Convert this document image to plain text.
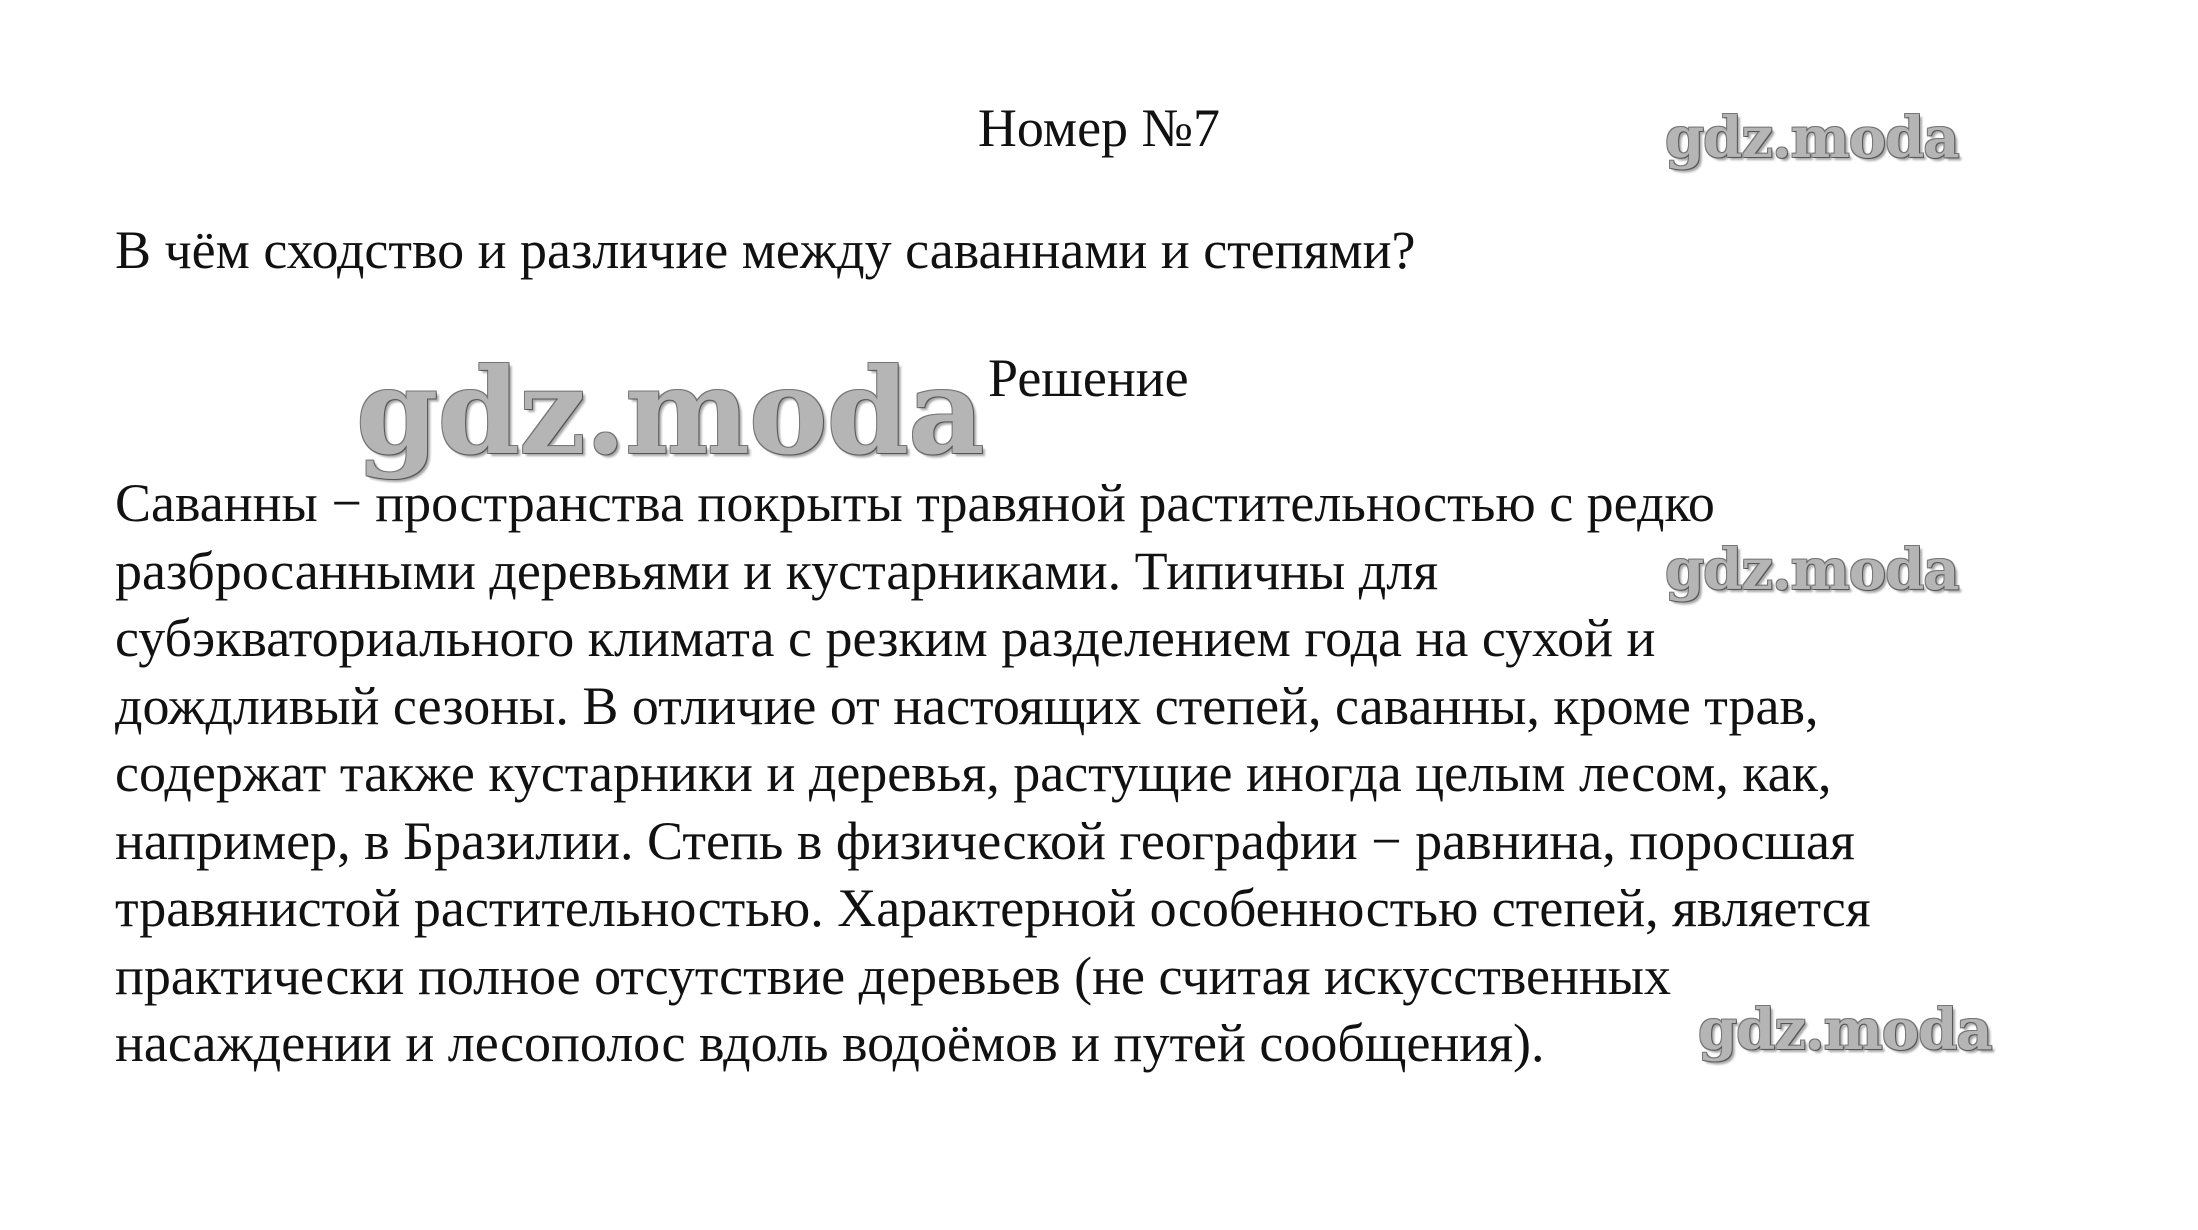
Номер №7	gdz.moda
В чём сходство и различие между саваннами и степями?
gdz.moda Решение
Саванны − пространства покрыты травяной растительностью с редко
разбросанными деревьями и кустарниками. Типичны для
субэкваториального климата с резким разделением года на сухой и
дождливый сезоны. В отличие от настоящих степей, саванны, кроме трав,
содержат также кустарники и деревья, растущие иногда целым лесом, как,
например, в Бразилии. Степь в физической географии − равнина, поросшая
травянистой растительностью. Характерной особенностью степей, является
практически полное отсутствие деревьев (не считая искусственных
насаждении и лесополос вдоль водоёмов и путей сообщения).
gdz.moda
gdz.moda
